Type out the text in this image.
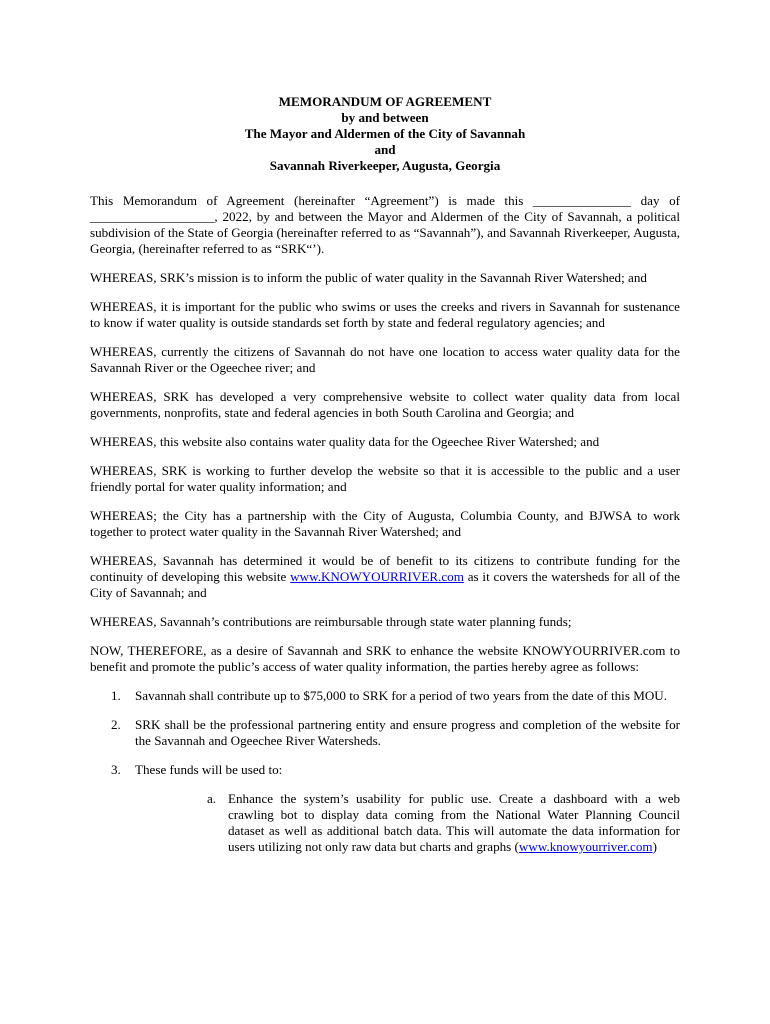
MEMORANDUM OF AGREEMENT
by and between
The Mayor and Aldermen of the City of Savannah
and
Savannah Riverkeeper, Augusta, Georgia

This Memorandum of Agreement (hereinafter “Agreement”) is made this _______________ day of ___________________, 2022, by and between the Mayor and Aldermen of the City of Savannah, a political subdivision of the State of Georgia (hereinafter referred to as “Savannah”), and Savannah Riverkeeper, Augusta, Georgia, (hereinafter referred to as “SRK“’).

WHEREAS, SRK’s mission is to inform the public of water quality in the Savannah River Watershed; and

WHEREAS, it is important for the public who swims or uses the creeks and rivers in Savannah for sustenance to know if water quality is outside standards set forth by state and federal regulatory agencies; and

WHEREAS, currently the citizens of Savannah do not have one location to access water quality data for the Savannah River or the Ogeechee river; and

WHEREAS, SRK has developed a very comprehensive website to collect water quality data from local governments, nonprofits, state and federal agencies in both South Carolina and Georgia; and

WHEREAS, this website also contains water quality data for the Ogeechee River Watershed; and

WHEREAS, SRK is working to further develop the website so that it is accessible to the public and a user friendly portal for water quality information; and

WHEREAS; the City has a partnership with the City of Augusta, Columbia County, and BJWSA to work together to protect water quality in the Savannah River Watershed; and

WHEREAS, Savannah has determined it would be of benefit to its citizens to contribute funding for the continuity of developing this website www.KNOWYOURRIVER.com as it covers the watersheds for all of the City of Savannah; and

WHEREAS, Savannah’s contributions are reimbursable through state water planning funds;

NOW, THEREFORE, as a desire of Savannah and SRK to enhance the website KNOWYOURRIVER.com to benefit and promote the public’s access of water quality information, the parties hereby agree as follows:

1. Savannah shall contribute up to $75,000 to SRK for a period of two years from the date of this MOU.
2. SRK shall be the professional partnering entity and ensure progress and completion of the website for the Savannah and Ogeechee River Watersheds.
3. These funds will be used to:
a. Enhance the system’s usability for public use. Create a dashboard with a web crawling bot to display data coming from the National Water Planning Council dataset as well as additional batch data. This will automate the data information for users utilizing not only raw data but charts and graphs (www.knowyourriver.com)
